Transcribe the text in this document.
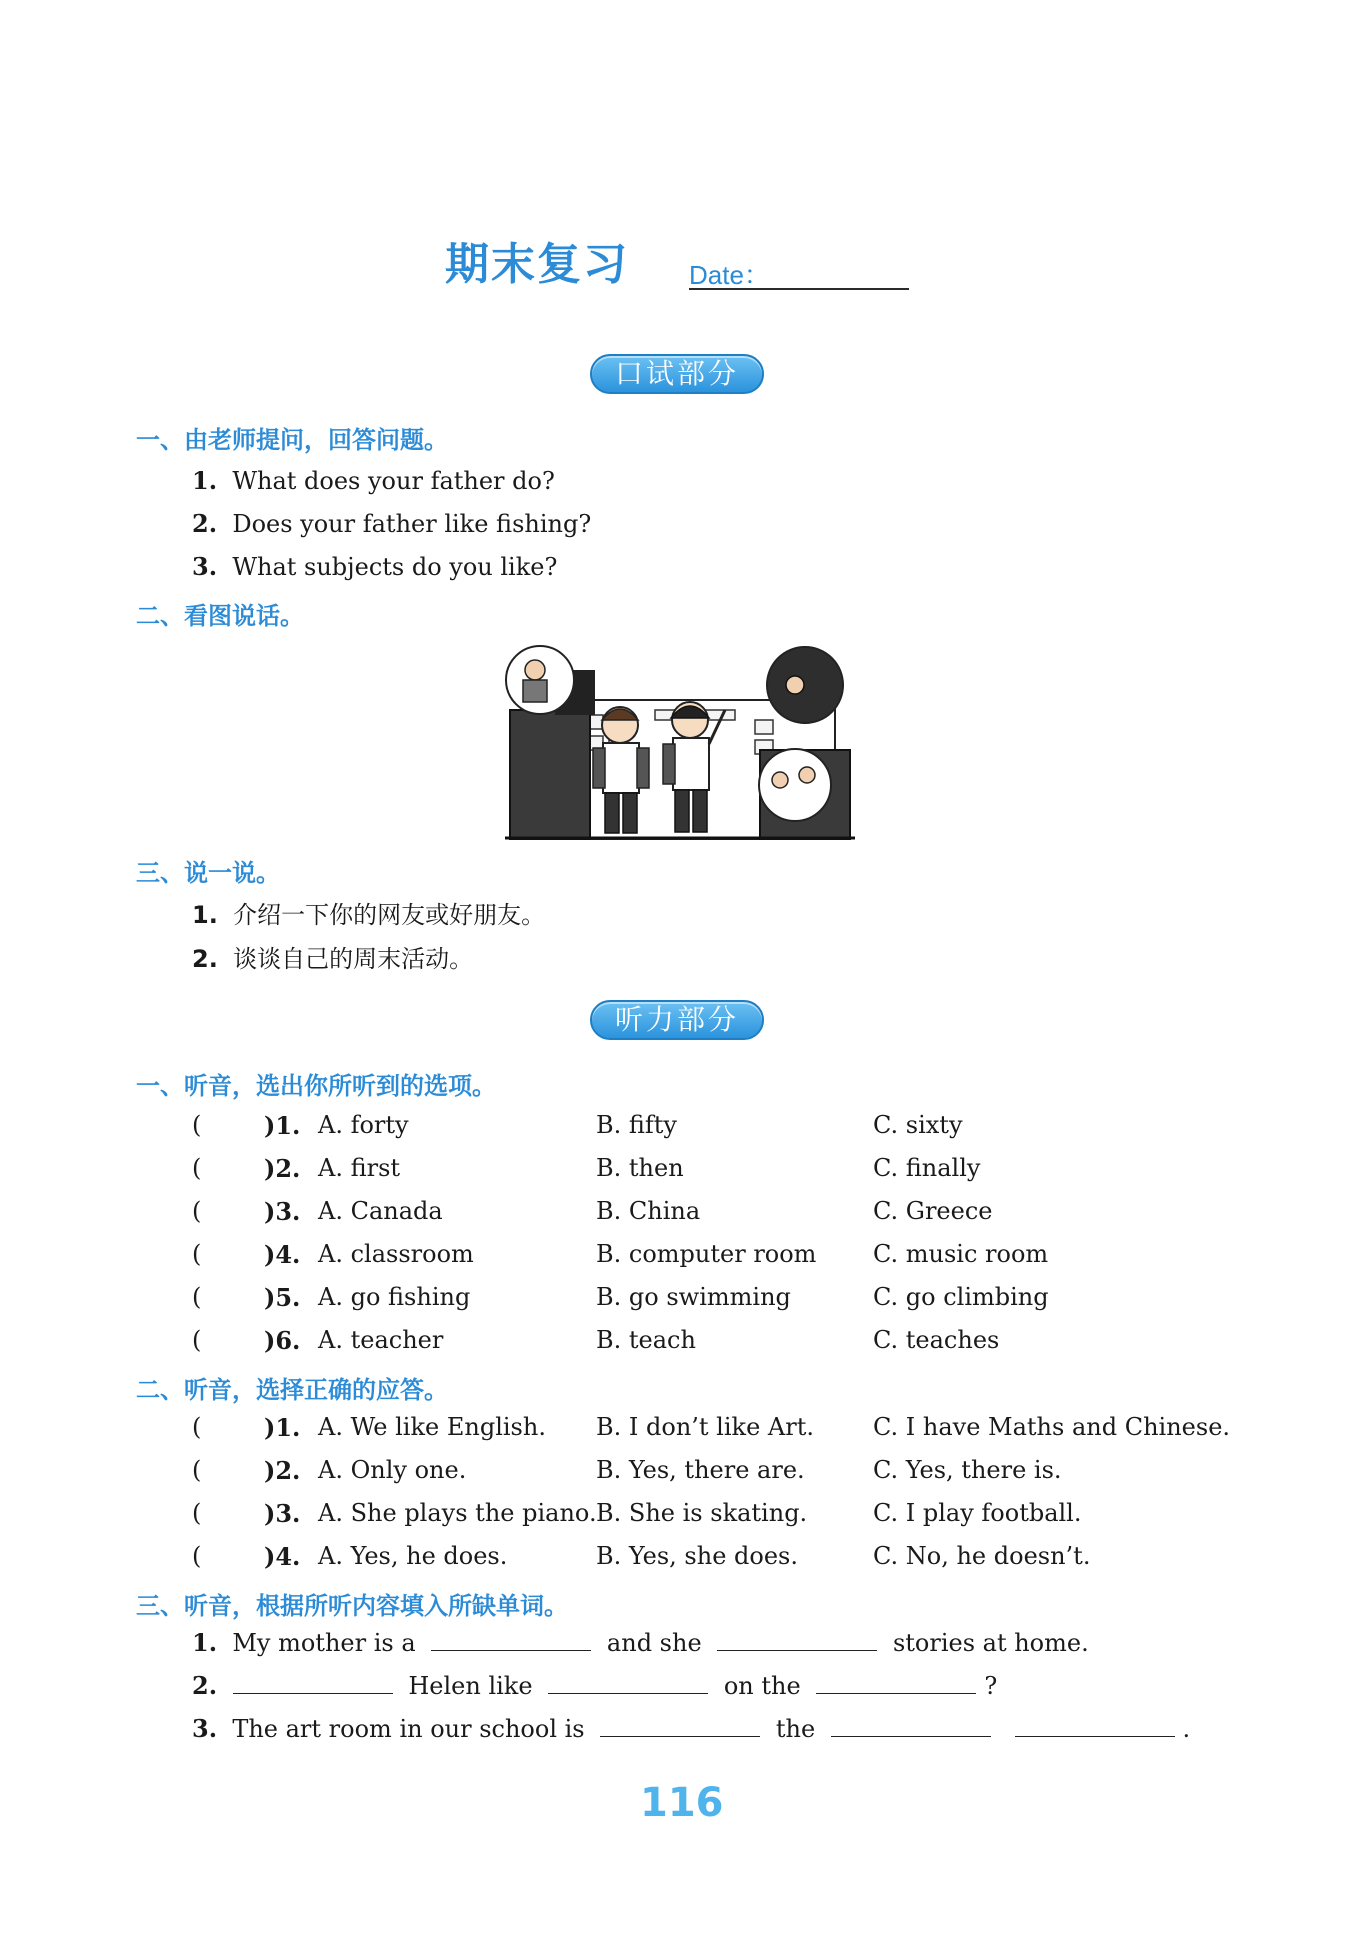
期末复习 Date：
口试部分
一、由老师提问，回答问题。
1. What does your father do?
2. Does your father like fishing?
3. What subjects do you like?
二、看图说话。
三、说一说。
1. 介绍一下你的网友或好朋友。
2. 谈谈自己的周末活动。
听力部分
一、听音，选出你所听到的选项。
(	)1. A. forty	B. fifty	C. sixty
(	)2. A. first	B. then	C. finally
(	)3. A. Canada	B. China	C. Greece
(	)4. A. classroom	B. computer room C. music room
(	)5. A. go fishing	B. go swimming	C. go climbing
(	)6. A. teacher	B. teach	C. teaches
二、听音，选择正确的应答。
(	)1. A. We like English. B. I don’t like Art. C. I have Maths and Chinese.
(	)2. A. Only one.	B. Yes, there are.	C. Yes, there is.
(	)3. A. She plays the piano. B. She is skating.	C. I play football.
(	)4. A. Yes, he does.	B. Yes, she does.	C. No, he doesn’t.
三、听音，根据所听内容填入所缺单词。
1. My mother is a	and she	stories at home.
2.	Helen like	on the	?
3. The art room in our school is	the	.
116
